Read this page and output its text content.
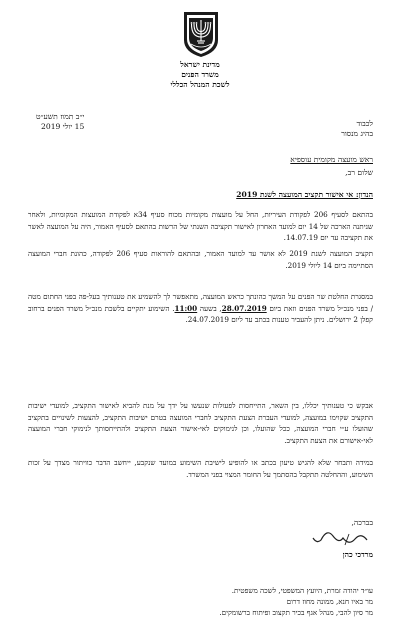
מדינת ישראל
משרד הפנים
לשכת המנהל הכללי
י״ב תמוז תשע״ט
15 יולי 2019	לכבוד
בהיג מנסור
ראש מועצה מקומית עוספיא
שלום רב,
הנדון: אי אישור תקציב המועצה לשנת 2019
בהתאם לסעיף 206 לפקודת העיריות, החל על מועצות מקומיות מכוח סעיף 34א לפקודת המועצות המקומיות, ולאחר שניתנה הארכה של 14 יום למועד האחרון לאישור תקציבה השנתי של הרשות בהתאם לסעיף האמור, היה על המועצה לאשר את תקציבה עד יום 14.07.19.
תקציב המועצה לשנת 2019 לא אושר עד למועד האמור, ובהתאם להוראות סעיף 206 לפקודה, כהונת חברי המועצה הסתיימה ביום 14 ליולי 2019.
במסגרת החלטת שר הפנים על המשך כהונתך כראש המועצה, מתאפשר לך להשמיע את טענותיך בעל-פה בפני החתום מטה / בפני מנכ״ל משרד הפנים וזאת ביום 28.07.2019, בשעה 11:00. השימוע יתקיים בלשכת מנכ״ל משרד הפנים ברחוב קפלן 2 ירושלים. ניתן להעביר טענות בכתב עד ליום 24.07.2019.
אבקש כי טענותיך יכללו, בין השאר, התייחסות לפעולות שנעשו על ידך על מנת להביא לאישור התקציב, למועדי ישיבות התקציב שקוימו במועצה, למועדי העברת הצעת התקציב לחברי המועצה בטרם ישיבות התקציב, להצעות לשינויים בתקציב שהועלו ע״י חברי המועצה, ככל שהועלו, וכן לנימוקים לאי-אישור הצעת התקציב ולהתייחסותך לנימוקי חברי המועצה לאי-אישורם את הצעת התקציב.
במידה ותבחר שלא להגיש טיעון בכתב או להופיע לישיבת השימוע במועד שנקבע, ייחשב הדבר כוויתור מצדך על זכות השימוע, וההחלטה תתקבל בהסתמך על החומר המצוי בפני המשרד.
בברכה,
מרדכי כהן
עו״ד יהודה זמרת, היועץ המשפטי, לשכה משפטית.
מר באיו חנא, ממונה מחוז דרום
מר סיון להבי, מנהל אגף בכיר תקצוב ופיתוח ברשומקים.
